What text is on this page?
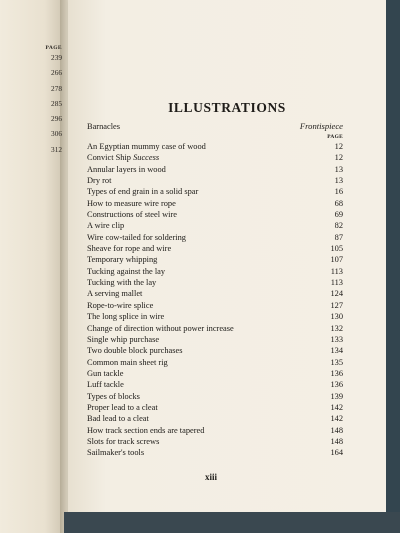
PAGE
239
266
278
285
296
306
312
ILLUSTRATIONS
Barnacles	Frontispiece
PAGE
An Egyptian mummy case of wood	12
Convict Ship Success	12
Annular layers in wood	13
Dry rot	13
Types of end grain in a solid spar	16
How to measure wire rope	68
Constructions of steel wire	69
A wire clip	82
Wire cow-tailed for soldering	87
Sheave for rope and wire	105
Temporary whipping	107
Tucking against the lay	113
Tucking with the lay	113
A serving mallet	124
Rope-to-wire splice	127
The long splice in wire	130
Change of direction without power increase	132
Single whip purchase	133
Two double block purchases	134
Common main sheet rig	135
Gun tackle	136
Luff tackle	136
Types of blocks	139
Proper lead to a cleat	142
Bad lead to a cleat	142
How track section ends are tapered	148
Slots for track screws	148
Sailmaker's tools	164
xiii
